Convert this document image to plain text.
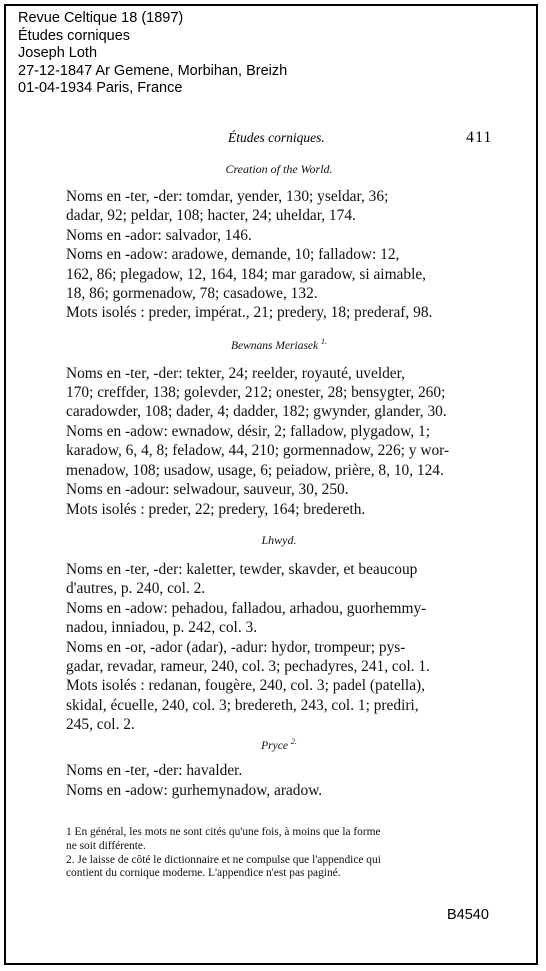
Revue Celtique 18 (1897)
Études corniques
Joseph Loth
27-12-1847 Ar Gemene, Morbihan, Breizh
01-04-1934 Paris, France
Études corniques.	411

Creation of the World.

Noms en -ter, -der: tomdar, yender, 130; yseldar, 36;
dadar, 92; peldar, 108; hacter, 24; uheldar, 174.
Noms en -ador: salvador, 146.
Noms en -adow: aradowe, demande, 10; falladow: 12,
162, 86; plegadow, 12, 164, 184; mar garadow, si aimable,
18, 86; gormenadow, 78; casadowe, 132.
Mots isolés : preder, impérat., 21; predery, 18; prederaf, 98.

Bewnans Meriasek $^{1.}$

Noms en -ter, -der: tekter, 24; reelder, royauté, uvelder,
170; creffder, 138; golevder, 212; onester, 28; bensygter, 260;
caradowder, 108; dader, 4; dadder, 182; gwynder, glander, 30.
Noms en -adow: ewnadow, désir, 2; falladow, plygadow, 1;
karadow, 6, 4, 8; feladow, 44, 210; gormennadow, 226; y wor-
menadow, 108; usadow, usage, 6; peiadow, prière, 8, 10, 124.
Noms en -adour: selwadour, sauveur, 30, 250.
Mots isolés : preder, 22; predery, 164; bredereth.

Lhwyd.

Noms en -ter, -der: kaletter, tewder, skavder, et beaucoup
d'autres, p. 240, col. 2.
Noms en -adow: pehadou, falladou, arhadou, guorhemmy-
nadou, inniadou, p. 242, col. 3.
Noms en -or, -ador (adar), -adur: hydor, trompeur; pys-
gadar, revadar, rameur, 240, col. 3; pechadyres, 241, col. 1.
Mots isolés : redanan, fougère, 240, col. 3; padel (patella),
skidal, écuelle, 240, col. 3; bredereth, 243, col. 1; prediri,
245, col. 2.

Pryce $^{2.}$

Noms en -ter, -der: havalder.
Noms en -adow: gurhemynadow, aradow.
1 En général, les mots ne sont cités qu'une fois, à moins que la forme
ne soit différente.
2. Je laisse de côté le dictionnaire et ne compulse que l'appendice qui
contient du cornique moderne. L'appendice n'est pas paginé.
B4540
